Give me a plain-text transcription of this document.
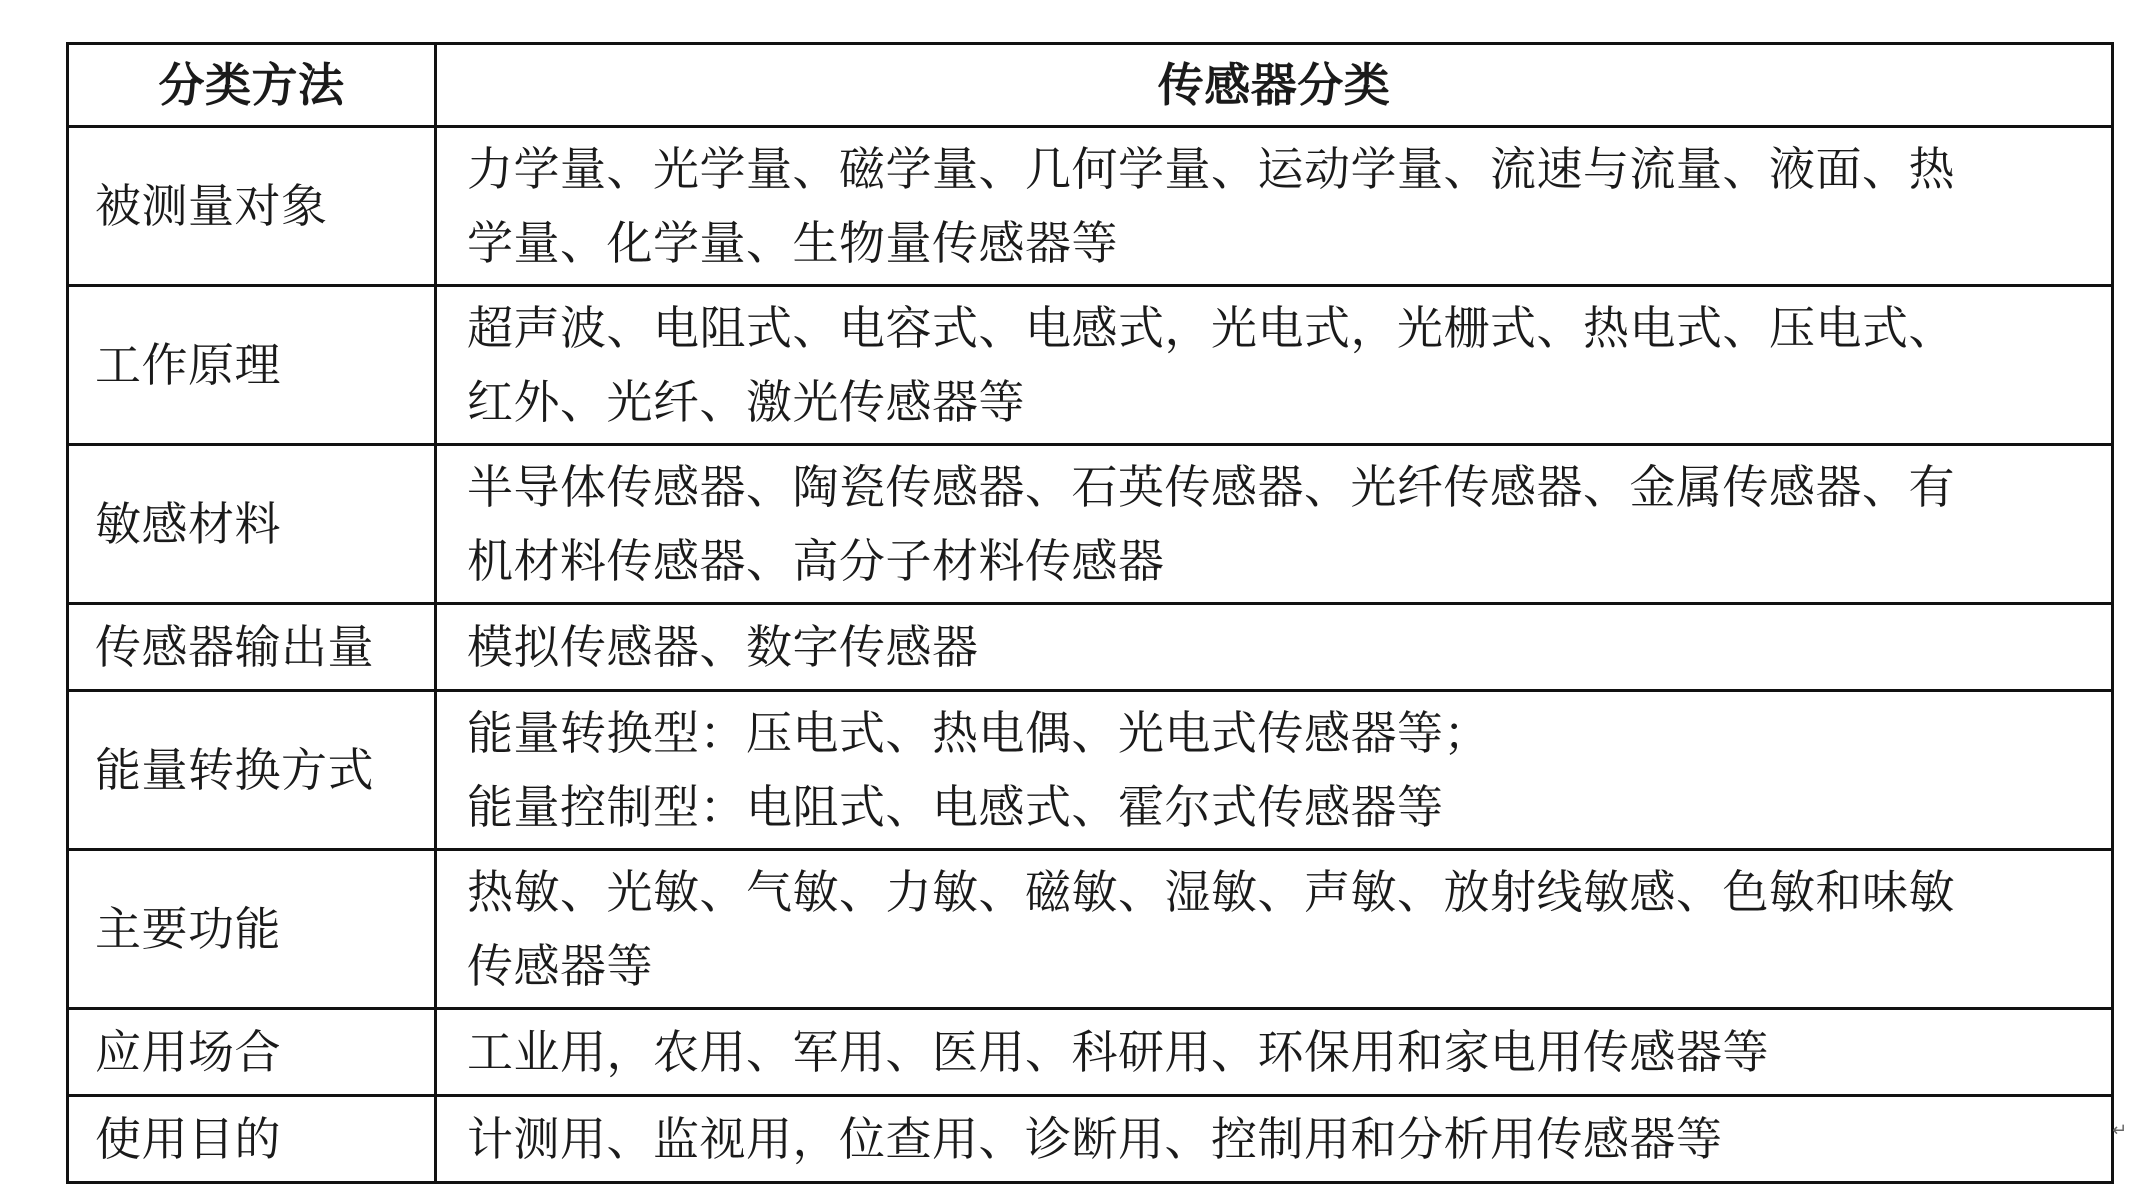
分类方法	传感器分类
被测量对象	力学量、光学量、磁学量、几何学量、运动学量、流速与流量、液面、热
学量、化学量、生物量传感器等

工作原理	超声波、电阻式、电容式、电感式，光电式，光栅式、热电式、压电式、
红外、光纤、激光传感器等

敏感材料	半导体传感器、陶瓷传感器、石英传感器、光纤传感器、金属传感器、有
机材料传感器、高分子材料传感器

传感器输出量	模拟传感器、数字传感器

能量转换方式	能量转换型：压电式、热电偶、光电式传感器等；
能量控制型：电阻式、电感式、霍尔式传感器等

主要功能	热敏、光敏、气敏、力敏、磁敏、湿敏、声敏、放射线敏感、色敏和味敏
传感器等

应用场合	工业用，农用、军用、医用、科研用、环保用和家电用传感器等

使用目的	计测用、监视用，位查用、诊断用、控制用和分析用传感器等	↵
